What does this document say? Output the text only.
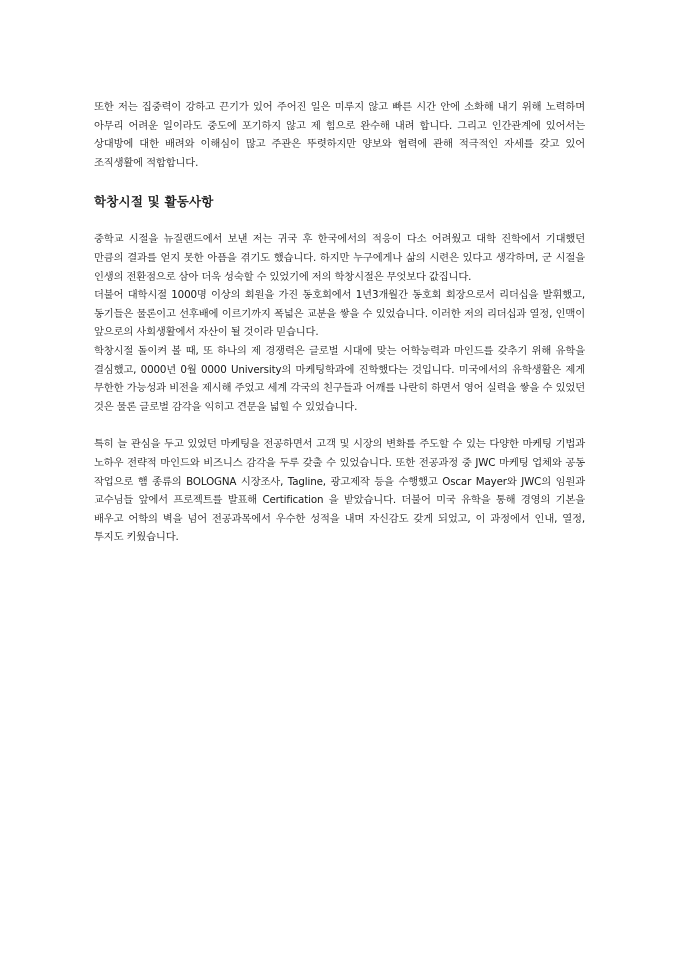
또한 저는 집중력이 강하고 끈기가 있어 주어진 일은 미루지 않고 빠른 시간 안에 소화해 내기 위해 노력하며 아무리 어려운 일이라도 중도에 포기하지 않고 제 힘으로 완수해 내려 합니다. 그리고 인간관계에 있어서는 상대방에 대한 배려와 이해심이 많고 주관은 뚜렷하지만 양보와 협력에 관해 적극적인 자세를 갖고 있어 조직생활에 적합합니다.

학창시절 및 활동사항

중학교 시절을 뉴질랜드에서 보낸 저는 귀국 후 한국에서의 적응이 다소 어려웠고 대학 진학에서 기대했던 만큼의 결과를 얻지 못한 아픔을 겪기도 했습니다. 하지만 누구에게나 삶의 시련은 있다고 생각하며, 군 시절을 인생의 전환점으로 삼아 더욱 성숙할 수 있었기에 저의 학창시절은 무엇보다 값집니다.

더불어 대학시절 1000명 이상의 회원을 가진 동호회에서 1년3개월간 동호회 회장으로서 리더십을 발휘했고, 동기들은 물론이고 선후배에 이르기까지 폭넓은 교분을 쌓을 수 있었습니다. 이러한 저의 리더십과 열정, 인맥이 앞으로의 사회생활에서 자산이 될 것이라 믿습니다.

학창시절 돌이켜 볼 때, 또 하나의 제 경쟁력은 글로벌 시대에 맞는 어학능력과 마인드를 갖추기 위해 유학을 결심했고, 0000년 0월 0000 University의 마케팅학과에 진학했다는 것입니다. 미국에서의 유학생활은 제게 무한한 가능성과 비전을 제시해 주었고 세계 각국의 친구들과 어깨를 나란히 하면서 영어 실력을 쌓을 수 있었던 것은 물론 글로벌 감각을 익히고 견문을 넓힐 수 있었습니다.

특히 늘 관심을 두고 있었던 마케팅을 전공하면서 고객 및 시장의 변화를 주도할 수 있는 다양한 마케팅 기법과 노하우 전략적 마인드와 비즈니스 감각을 두루 갖출 수 있었습니다. 또한 전공과정 중 JWC 마케팅 업체와 공동 작업으로 햄 종류의 BOLOGNA 시장조사, Tagline, 광고제작 등을 수행했고 Oscar Mayer와 JWC의 임원과 교수님들 앞에서 프로젝트를 발표해 Certification 을 받았습니다. 더불어 미국 유학을 통해 경영의 기본을 배우고 어학의 벽을 넘어 전공과목에서 우수한 성적을 내며 자신감도 갖게 되었고, 이 과정에서 인내, 열정, 투지도 키웠습니다.
